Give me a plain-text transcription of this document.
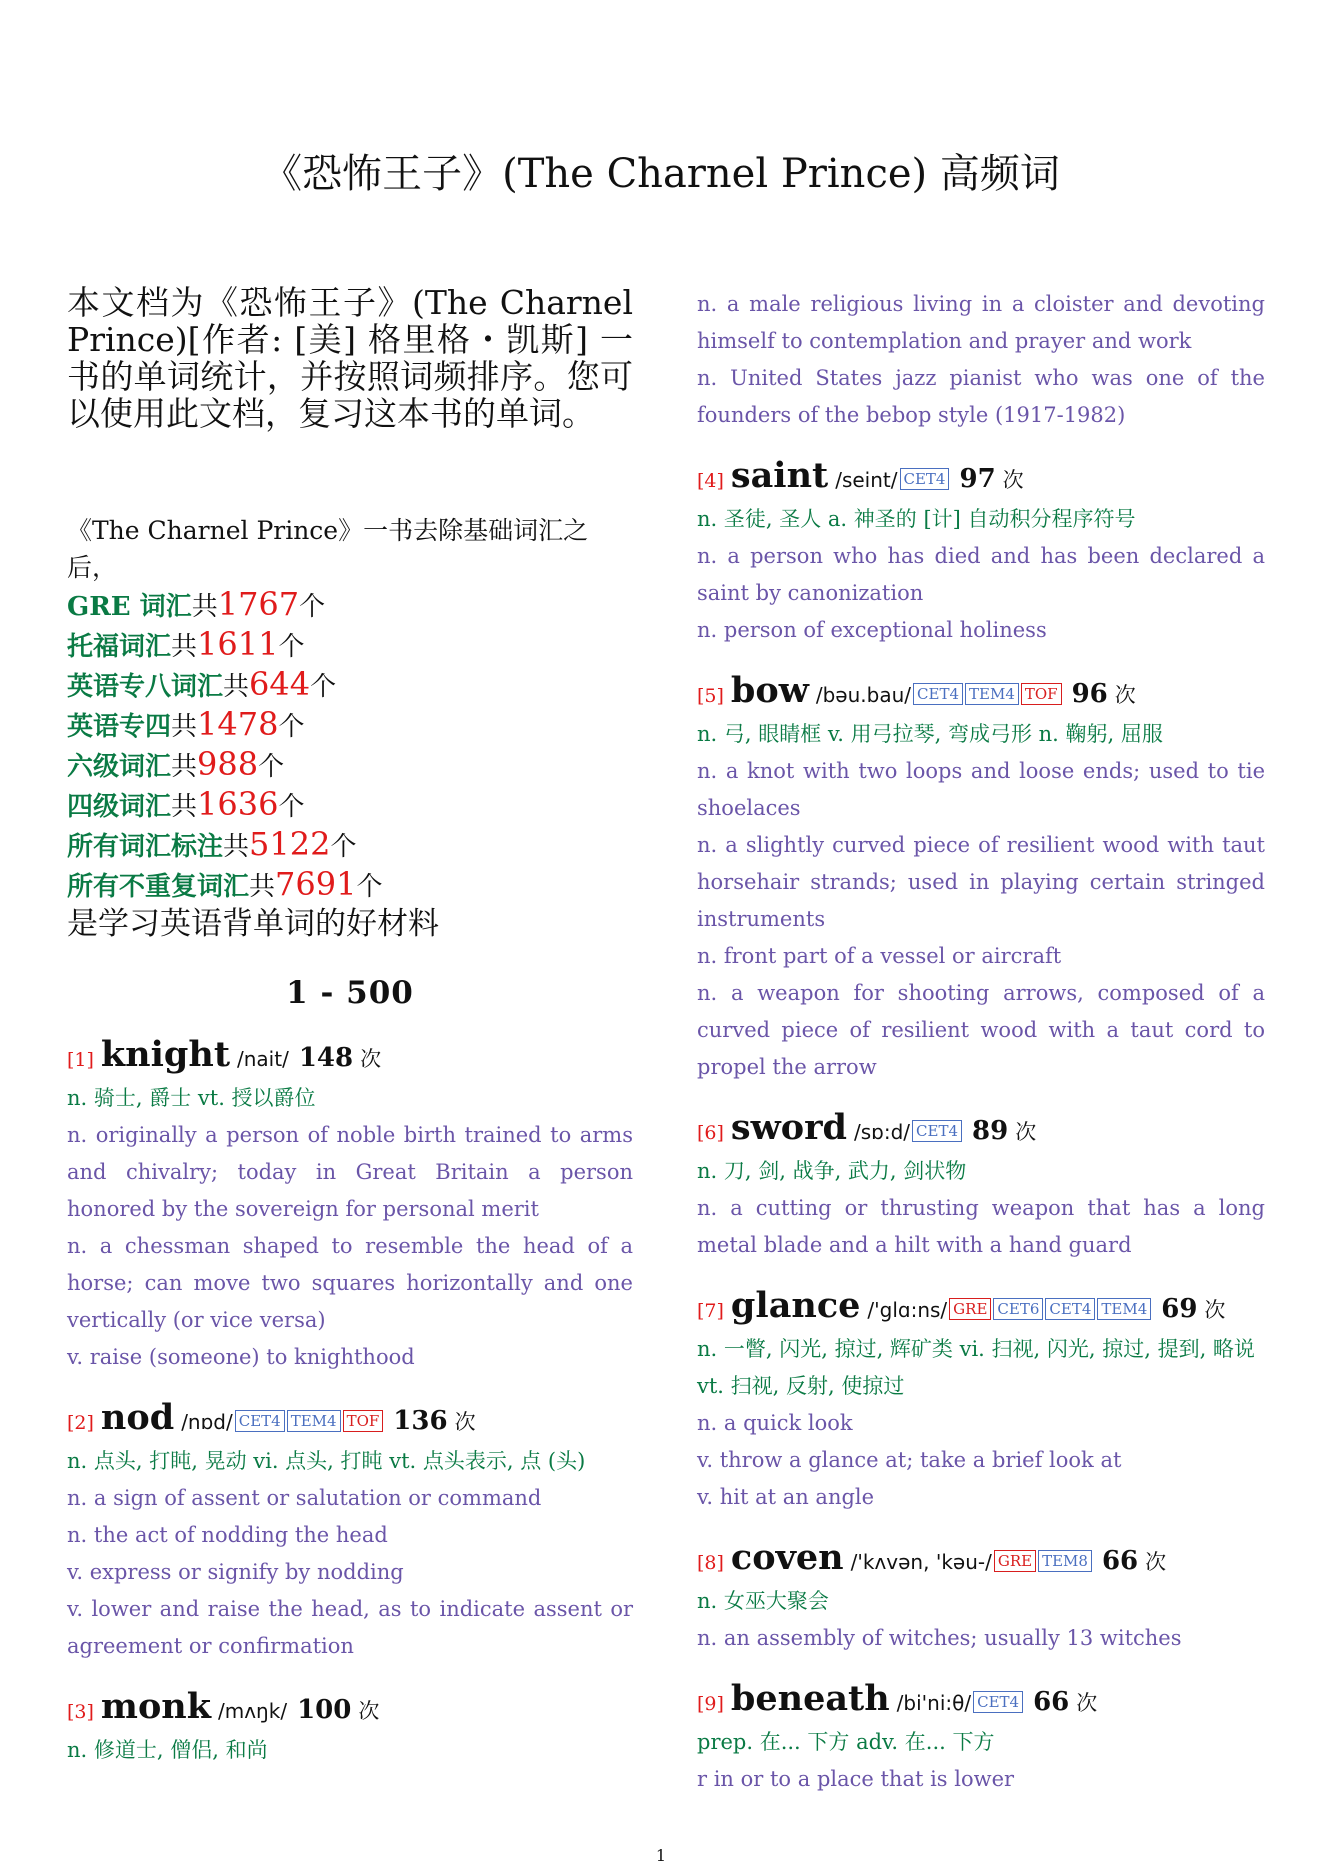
《恐怖王子》(The Charnel Prince) 高频词
本文档为《恐怖王子》(The Charnel Prince)[作者: [美] 格里格・凯斯] 一书的单词统计，并按照词频排序。您可以使用此文档，复习这本书的单词。
《The Charnel Prince》一书去除基础词汇之后，
GRE 词汇共1767个
托福词汇共1611个
英语专八词汇共644个
英语专四共1478个
六级词汇共988个
四级词汇共1636个
所有词汇标注共5122个
所有不重复词汇共7691个
是学习英语背单词的好材料
1 - 500
[1] knight /nait/ 148 次
n. 骑士, 爵士 vt. 授以爵位
n. originally a person of noble birth trained to arms and chivalry; today in Great Britain a person honored by the sovereign for personal merit
n. a chessman shaped to resemble the head of a horse; can move two squares horizontally and one vertically (or vice versa)
v. raise (someone) to knighthood
[2] nod /nɒd/ CET4 TEM4 TOF 136 次
n. 点头, 打盹, 晃动 vi. 点头, 打盹 vt. 点头表示, 点 (头)
n. a sign of assent or salutation or command
n. the act of nodding the head
v. express or signify by nodding
v. lower and raise the head, as to indicate assent or agreement or confirmation
[3] monk /mʌŋk/ 100 次
n. 修道士, 僧侣, 和尚
n. a male religious living in a cloister and devoting himself to contemplation and prayer and work
n. United States jazz pianist who was one of the founders of the bebop style (1917-1982)
[4] saint /seint/ CET4 97 次
n. 圣徒, 圣人 a. 神圣的 [计] 自动积分程序符号
n. a person who has died and has been declared a saint by canonization
n. person of exceptional holiness
[5] bow /bəu.bau/ CET4 TEM4 TOF 96 次
n. 弓, 眼睛框 v. 用弓拉琴, 弯成弓形 n. 鞠躬, 屈服
n. a knot with two loops and loose ends; used to tie shoelaces
n. a slightly curved piece of resilient wood with taut horsehair strands; used in playing certain stringed instruments
n. front part of a vessel or aircraft
n. a weapon for shooting arrows, composed of a curved piece of resilient wood with a taut cord to propel the arrow
[6] sword /sɒ:d/ CET4 89 次
n. 刀, 剑, 战争, 武力, 剑状物
n. a cutting or thrusting weapon that has a long metal blade and a hilt with a hand guard
[7] glance /'glɑ:ns/ GRE CET6 CET4 TEM4 69 次
n. 一瞥, 闪光, 掠过, 辉矿类 vi. 扫视, 闪光, 掠过, 提到, 略说 vt. 扫视, 反射, 使掠过
n. a quick look
v. throw a glance at; take a brief look at
v. hit at an angle
[8] coven /'kʌvən, 'kəu-/ GRE TEM8 66 次
n. 女巫大聚会
n. an assembly of witches; usually 13 witches
[9] beneath /bi'ni:θ/ CET4 66 次
prep. 在... 下方 adv. 在... 下方
r in or to a place that is lower
1
